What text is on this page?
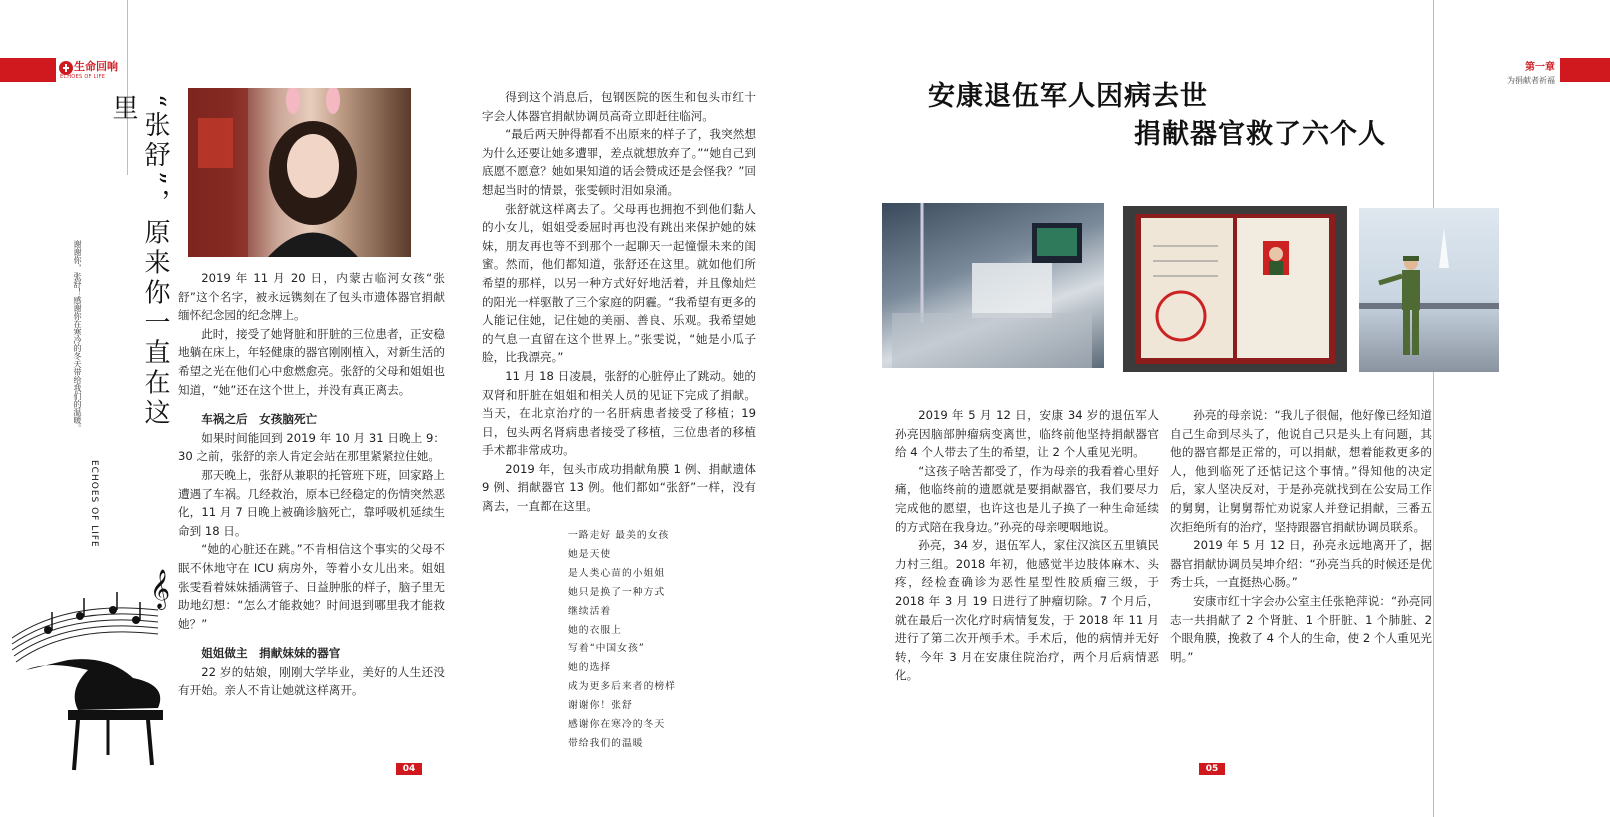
生命回响
ECHOES OF LIFE
“张舒”，原来你一直在这里
谢谢你，张舒！感谢你在寒冷的冬天带给我们的温暖。
ECHOES OF LIFE

2019 年 11 月 20 日，内蒙古临河女孩“张舒”这个名字，被永远镌刻在了包头市遗体器官捐献缅怀纪念园的纪念牌上。

此时，接受了她肾脏和肝脏的三位患者，正安稳地躺在床上，年轻健康的器官刚刚植入，对新生活的希望之光在他们心中愈燃愈亮。张舒的父母和姐姐也知道，“她”还在这个世上，并没有真正离去。

车祸之后　女孩脑死亡

如果时间能回到 2019 年 10 月 31 日晚上 9：30 之前，张舒的亲人肯定会站在那里紧紧拉住她。

那天晚上，张舒从兼职的托管班下班，回家路上遭遇了车祸。几经救治，原本已经稳定的伤情突然恶化，11 月 7 日晚上被确诊脑死亡，靠呼吸机延续生命到 18 日。

“她的心脏还在跳。”不肯相信这个事实的父母不眠不休地守在 ICU 病房外，等着小女儿出来。姐姐张雯看着妹妹插满管子、日益肿胀的样子，脑子里无助地幻想：“怎么才能救她？时间退到哪里我才能救她？”

姐姐做主　捐献妹妹的器官

22 岁的姑娘，刚刚大学毕业，美好的人生还没有开始。亲人不肯让她就这样离开。

得到这个消息后，包钢医院的医生和包头市红十字会人体器官捐献协调员高奇立即赶往临河。

“最后两天肿得都看不出原来的样子了，我突然想为什么还要让她多遭罪，差点就想放弃了。”“她自己到底愿不愿意？她如果知道的话会赞成还是会怪我？”回想起当时的情景，张雯顿时泪如泉涌。

张舒就这样离去了。父母再也拥抱不到他们黏人的小女儿，姐姐受委屈时再也没有跳出来保护她的妹妹，朋友再也等不到那个一起聊天一起憧憬未来的闺蜜。然而，他们都知道，张舒还在这里。就如他们所希望的那样，以另一种方式好好地活着，并且像灿烂的阳光一样驱散了三个家庭的阴霾。“我希望有更多的人能记住她，记住她的美丽、善良、乐观。我希望她的气息一直留在这个世界上。”张雯说，“她是小瓜子脸，比我漂亮。”

11 月 18 日凌晨，张舒的心脏停止了跳动。她的双肾和肝脏在姐姐和相关人员的见证下完成了捐献。当天，在北京治疗的一名肝病患者接受了移植；19 日，包头两名肾病患者接受了移植，三位患者的移植手术都非常成功。

2019 年，包头市成功捐献角膜 1 例、捐献遗体 9 例、捐献器官 13 例。他们都如“张舒”一样，没有离去，一直都在这里。

一路走好 最美的女孩
她是天使
是人类心苗的小姐姐
她只是换了一种方式
继续活着
她的衣服上
写着“中国女孩”
她的选择
成为更多后来者的榜样
谢谢你！张舒
感谢你在寒冷的冬天
带给我们的温暖
𝄞
04
第一章
为捐献者祈福
安康退伍军人因病去世
捐献器官救了六个人

2019 年 5 月 12 日，安康 34 岁的退伍军人孙亮因脑部肿瘤病变离世，临终前他坚持捐献器官给 4 个人带去了生的希望，让 2 个人重见光明。

“这孩子啥苦都受了，作为母亲的我看着心里好痛，他临终前的遗愿就是要捐献器官，我们要尽力完成他的愿望，也许这也是儿子换了一种生命延续的方式陪在我身边。”孙亮的母亲哽咽地说。

孙亮，34 岁，退伍军人，家住汉滨区五里镇民力村三组。2018 年初，他感觉半边肢体麻木、头疼，经检查确诊为恶性星型性胶质瘤三级，于 2018 年 3 月 19 日进行了肿瘤切除。7 个月后，就在最后一次化疗时病情复发，于 2018 年 11 月进行了第二次开颅手术。手术后，他的病情并无好转，今年 3 月在安康住院治疗，两个月后病情恶化。

孙亮的母亲说：“我儿子很倔，他好像已经知道自己生命到尽头了，他说自己只是头上有问题，其他的器官都是正常的，可以捐献，想着能救更多的人，他到临死了还惦记这个事情。”得知他的决定后，家人坚决反对，于是孙亮就找到在公安局工作的舅舅，让舅舅帮忙劝说家人并登记捐献，三番五次拒绝所有的治疗，坚持跟器官捐献协调员联系。

2019 年 5 月 12 日，孙亮永远地离开了，据器官捐献协调员吴坤介绍：“孙亮当兵的时候还是优秀士兵，一直挺热心肠。”

安康市红十字会办公室主任张艳萍说：“孙亮同志一共捐献了 2 个肾脏、1 个肝脏、1 个肺脏、2 个眼角膜，挽救了 4 个人的生命，使 2 个人重见光明。”

05
